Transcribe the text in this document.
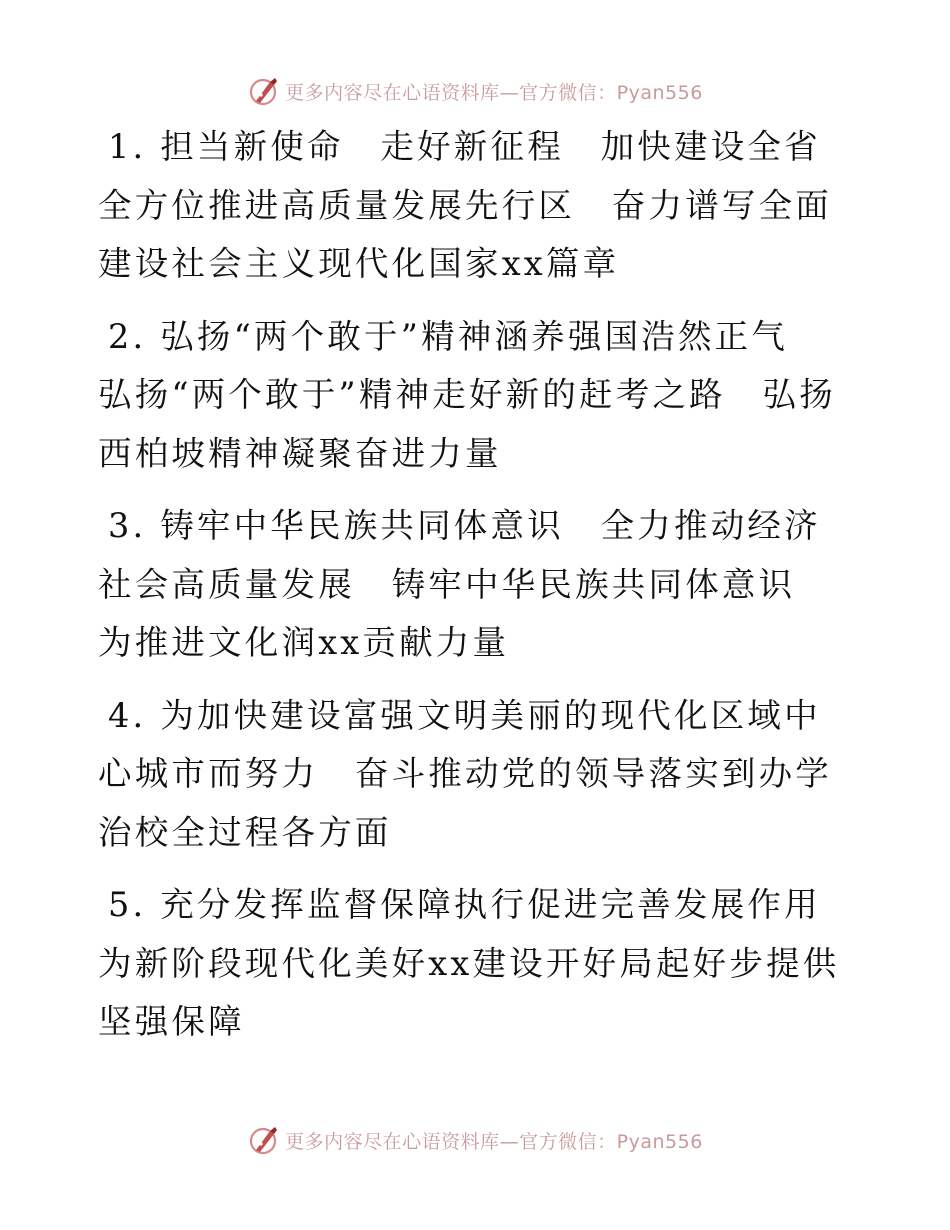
更多内容尽在心语资料库—官方微信：Pyan556

1. 担当新使命　走好新征程　加快建设全省全方位推进高质量发展先行区　奋力谱写全面建设社会主义现代化国家xx篇章

2. 弘扬“两个敢于”精神涵养强国浩然正气　弘扬“两个敢于”精神走好新的赶考之路　弘扬西柏坡精神凝聚奋进力量

3. 铸牢中华民族共同体意识　全力推动经济社会高质量发展　铸牢中华民族共同体意识　为推进文化润xx贡献力量

4. 为加快建设富强文明美丽的现代化区域中心城市而努力　奋斗推动党的领导落实到办学治校全过程各方面

5. 充分发挥监督保障执行促进完善发展作用　为新阶段现代化美好xx建设开好局起好步提供坚强保障

更多内容尽在心语资料库—官方微信：Pyan556
